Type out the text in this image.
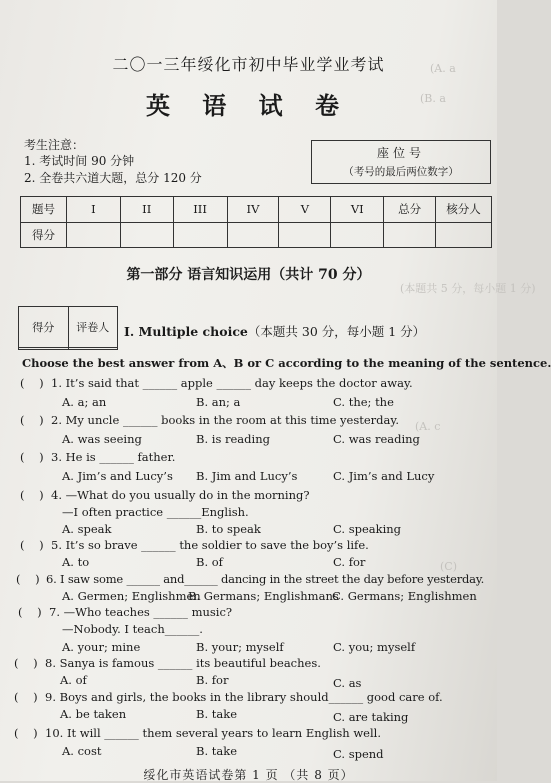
(A. a
(B. a
(本题共 5 分，每小题 1 分)
(A. c
(C)
二〇一三年绥化市初中毕业学业考试
英 语 试 卷
考生注意：
1. 考试时间 90 分钟
2. 全卷共六道大题，总分 120 分
座位号
（考号的最后两位数字）
题号	I	II	III	IV	V	VI	总分	核分人
得分								
第一部分 语言知识运用（共计 70 分）
得分	评卷人
	I. Multiple choice（本题共 30 分，每小题 1 分）
Choose the best answer from A、B or C according to the meaning of the sentence.
(    ) 1. It’s said that ______ apple ______ day keeps the doctor away.
A. a; an	B. an; a	C. the; the
(    ) 2. My uncle ______ books in the room at this time yesterday.
A. was seeing	B. is reading	C. was reading
(    ) 3. He is ______ father.
A. Jim’s and Lucy’s B. Jim and Lucy’s	C. Jim’s and Lucy
(    ) 4. —What do you usually do in the morning?
—I often practice ______English.
A. speak	B. to speak	C. speaking
(    ) 5. It’s so brave ______ the soldier to save the boy’s life.
A. to	B. of	C. for
(    ) 6. I saw some ______ and______ dancing in the street the day before yesterday.
A. Germen; Englishmen
B. Germans; Englishmans
C. Germans; Englishmen
(    ) 7. —Who teaches ______ music?
—Nobody. I teach______.
A. your; mine	B. your; myself	C. you; myself
(    ) 8. Sanya is famous ______ its beautiful beaches.
A. of	B. for	C. as
(    ) 9. Boys and girls, the books in the library should______ good care of.
A. be taken	B. take	C. are taking
(    ) 10. It will ______ them several years to learn English well.
A. cost	B. take	C. spend
绥化市英语试卷第 1 页 （共 8 页）
